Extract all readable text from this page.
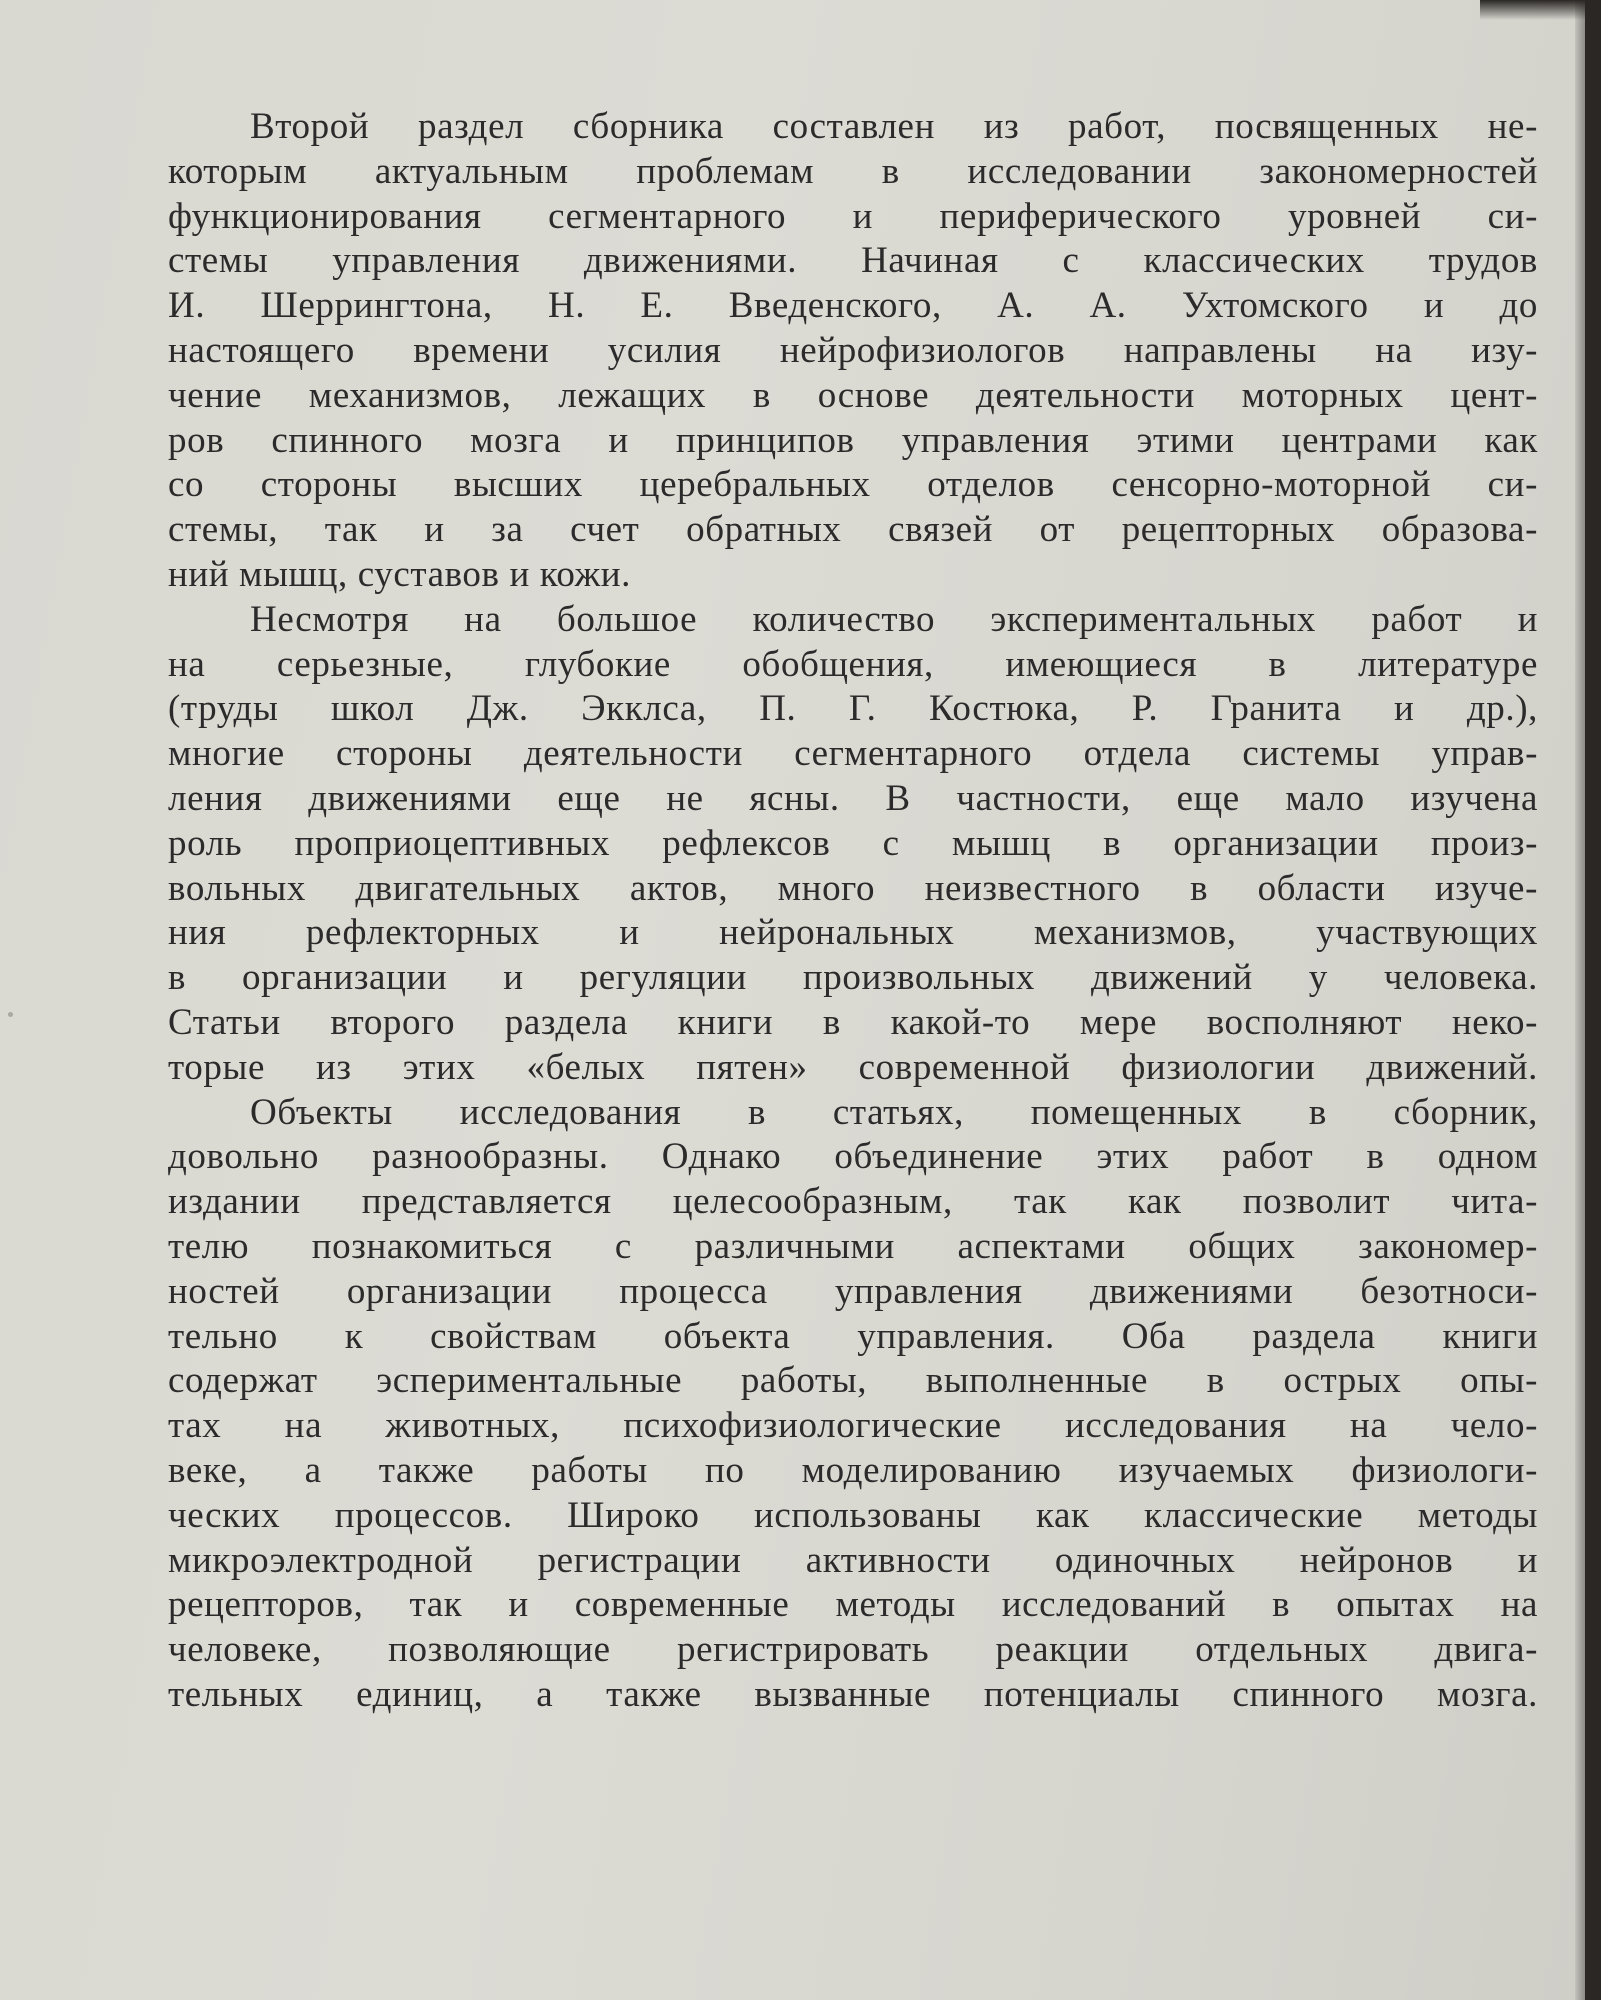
Второй раздел сборника составлен из работ, посвященных не-
которым актуальным проблемам в исследовании закономерностей
функционирования сегментарного и периферического уровней си-
стемы управления движениями. Начиная с классических трудов
И. Шеррингтона, Н. Е. Введенского, А. А. Ухтомского и до
настоящего времени усилия нейрофизиологов направлены на изу-
чение механизмов, лежащих в основе деятельности моторных цент-
ров спинного мозга и принципов управления этими центрами как
со стороны высших церебральных отделов сенсорно-моторной си-
стемы, так и за счет обратных связей от рецепторных образова-
ний мышц, суставов и кожи.
Несмотря на большое количество экспериментальных работ и
на серьезные, глубокие обобщения, имеющиеся в литературе
(труды школ Дж. Экклса, П. Г. Костюка, Р. Гранита и др.),
многие стороны деятельности сегментарного отдела системы управ-
ления движениями еще не ясны. В частности, еще мало изучена
роль проприоцептивных рефлексов с мышц в организации произ-
вольных двигательных актов, много неизвестного в области изуче-
ния рефлекторных и нейрональных механизмов, участвующих
в организации и регуляции произвольных движений у человека.
Статьи второго раздела книги в какой-то мере восполняют неко-
торые из этих «белых пятен» современной физиологии движений.
Объекты исследования в статьях, помещенных в сборник,
довольно разнообразны. Однако объединение этих работ в одном
издании представляется целесообразным, так как позволит чита-
телю познакомиться с различными аспектами общих закономер-
ностей организации процесса управления движениями безотноси-
тельно к свойствам объекта управления. Оба раздела книги
содержат эспериментальные работы, выполненные в острых опы-
тах на животных, психофизиологические исследования на чело-
веке, а также работы по моделированию изучаемых физиологи-
ческих процессов. Широко использованы как классические методы
микроэлектродной регистрации активности одиночных нейронов и
рецепторов, так и современные методы исследований в опытах на
человеке, позволяющие регистрировать реакции отдельных двига-
тельных единиц, а также вызванные потенциалы спинного мозга.
